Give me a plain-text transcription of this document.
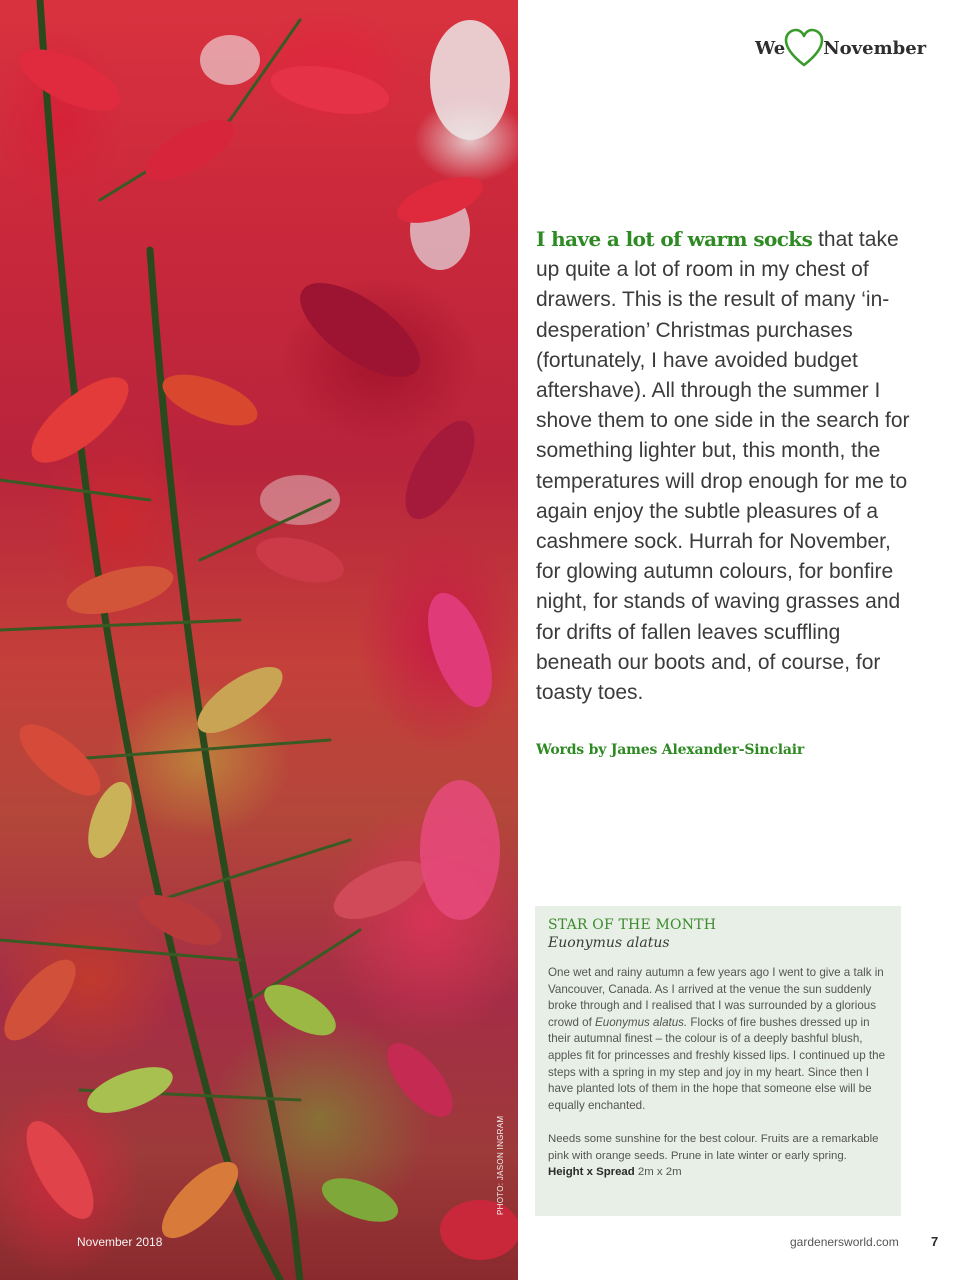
PHOTO: JASON INGRAM
November 2018
We November
I have a lot of warm socks that take up quite a lot of room in my chest of drawers. This is the result of many ‘in-desperation’ Christmas purchases (fortunately, I have avoided budget aftershave). All through the summer I shove them to one side in the search for something lighter but, this month, the temperatures will drop enough for me to again enjoy the subtle pleasures of a cashmere sock. Hurrah for November, for glowing autumn colours, for bonfire night, for stands of waving grasses and for drifts of fallen leaves scuffling beneath our boots and, of course, for toasty toes.
Words by James Alexander-Sinclair
STAR OF THE MONTH
Euonymus alatus
One wet and rainy autumn a few years ago I went to give a talk in Vancouver, Canada. As I arrived at the venue the sun suddenly broke through and I realised that I was surrounded by a glorious crowd of Euonymus alatus. Flocks of fire bushes dressed up in their autumnal finest – the colour is of a deeply bashful blush, apples fit for princesses and freshly kissed lips. I continued up the steps with a spring in my step and joy in my heart. Since then I have planted lots of them in the hope that someone else will be equally enchanted.
Needs some sunshine for the best colour. Fruits are a remarkable pink with orange seeds. Prune in late winter or early spring.
Height x Spread 2m x 2m
gardenersworld.com 7
